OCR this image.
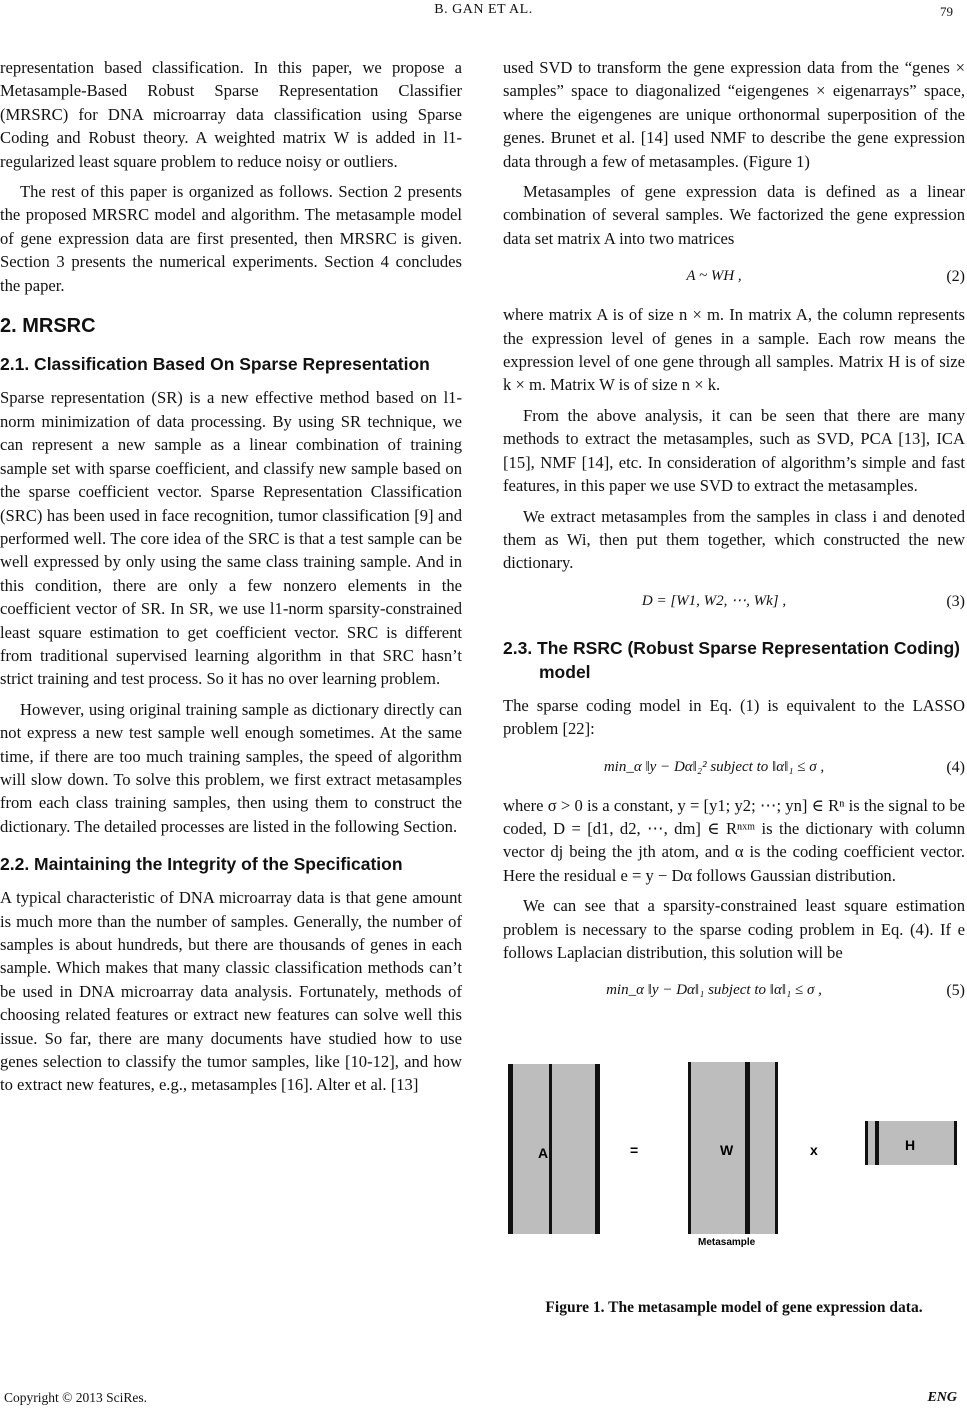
B. GAN ET AL.	79

representation based classification. In this paper, we propose a Metasample-Based Robust Sparse Representation Classifier (MRSRC) for DNA microarray data classification using Sparse Coding and Robust theory. A weighted matrix W is added in l1-regularized least square problem to reduce noisy or outliers.

The rest of this paper is organized as follows. Section 2 presents the proposed MRSRC model and algorithm. The metasample model of gene expression data are first presented, then MRSRC is given. Section 3 presents the numerical experiments. Section 4 concludes the paper.

2. MRSRC
2.1. Classification Based On Sparse Representation

Sparse representation (SR) is a new effective method based on l1-norm minimization of data processing. By using SR technique, we can represent a new sample as a linear combination of training sample set with sparse coefficient, and classify new sample based on the sparse coefficient vector. Sparse Representation Classification (SRC) has been used in face recognition, tumor classification [9] and performed well. The core idea of the SRC is that a test sample can be well expressed by only using the same class training sample. And in this condition, there are only a few nonzero elements in the coefficient vector of SR. In SR, we use l1-norm sparsity-constrained least square estimation to get coefficient vector. SRC is different from traditional supervised learning algorithm in that SRC hasn’t strict training and test process. So it has no over learning problem.

However, using original training sample as dictionary directly can not express a new test sample well enough sometimes. At the same time, if there are too much training samples, the speed of algorithm will slow down. To solve this problem, we first extract metasamples from each class training samples, then using them to construct the dictionary. The detailed processes are listed in the following Section.

2.2. Maintaining the Integrity of the Specification

A typical characteristic of DNA microarray data is that gene amount is much more than the number of samples. Generally, the number of samples is about hundreds, but there are thousands of genes in each sample. Which makes that many classic classification methods can’t be used in DNA microarray data analysis. Fortunately, methods of choosing related features or extract new features can solve well this issue. So far, there are many documents have studied how to use genes selection to classify the tumor samples, like [10-12], and how to extract new features, e.g., metasamples [16]. Alter et al. [13]

used SVD to transform the gene expression data from the “genes × samples” space to diagonalized “eigengenes × eigenarrays” space, where the eigengenes are unique orthonormal superposition of the genes. Brunet et al. [14] used NMF to describe the gene expression data through a few of metasamples. (Figure 1)

Metasamples of gene expression data is defined as a linear combination of several samples. We factorized the gene expression data set matrix A into two matrices

A ~ WH ,	(2)

where matrix A is of size n × m. In matrix A, the column represents the expression level of genes in a sample. Each row means the expression level of one gene through all samples. Matrix H is of size k × m. Matrix W is of size n × k.

From the above analysis, it can be seen that there are many methods to extract the metasamples, such as SVD, PCA [13], ICA [15], NMF [14], etc. In consideration of algorithm’s simple and fast features, in this paper we use SVD to extract the metasamples.

We extract metasamples from the samples in class i and denoted them as Wi, then put them together, which constructed the new dictionary.

D = [W1, W2, ⋯, Wk] ,	(3)
2.3. The RSRC (Robust Sparse Representation Coding) model

The sparse coding model in Eq. (1) is equivalent to the LASSO problem [22]:

min_α ‖y − Dα‖₂² subject to ‖α‖₁ ≤ σ ,	(4)

where σ > 0 is a constant, y = [y1; y2; ⋯; yn] ∈ Rⁿ is the signal to be coded, D = [d1, d2, ⋯, dm] ∈ Rⁿˣᵐ is the dictionary with column vector dj being the jth atom, and α is the coding coefficient vector. Here the residual e = y − Dα follows Gaussian distribution.

We can see that a sparsity-constrained least square estimation problem is necessary to the sparse coding problem in Eq. (4). If e follows Laplacian distribution, this solution will be

min_α ‖y − Dα‖₁ subject to ‖α‖₁ ≤ σ ,	(5)
A	=	W	x	H
Metasample
Figure 1. The metasample model of gene expression data.
Copyright © 2013 SciRes.	ENG
